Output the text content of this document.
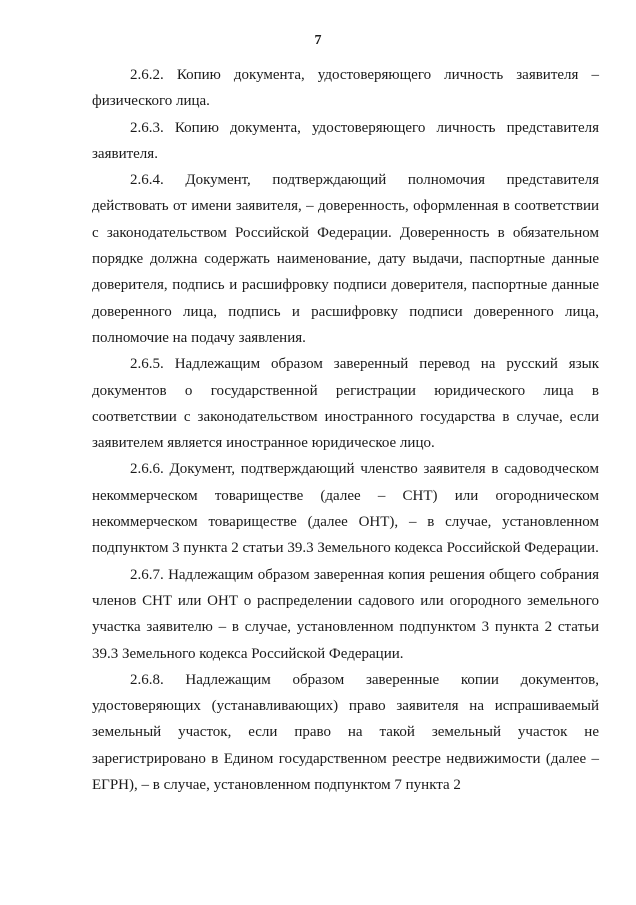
7

2.6.2. Копию документа, удостоверяющего личность заявителя – физического лица.

2.6.3. Копию документа, удостоверяющего личность представителя заявителя.

2.6.4. Документ, подтверждающий полномочия представителя действовать от имени заявителя, – доверенность, оформленная в соответствии с законодательством Российской Федерации. Доверенность в обязательном порядке должна содержать наименование, дату выдачи, паспортные данные доверителя, подпись и расшифровку подписи доверителя, паспортные данные доверенного лица, подпись и расшифровку подписи доверенного лица, полномочие на подачу заявления.

2.6.5. Надлежащим образом заверенный перевод на русский язык документов о государственной регистрации юридического лица в соответствии с законодательством иностранного государства в случае, если заявителем является иностранное юридическое лицо.

2.6.6. Документ, подтверждающий членство заявителя в садоводческом некоммерческом товариществе (далее – СНТ) или огородническом некоммерческом товариществе (далее ОНТ), – в случае, установленном подпунктом 3 пункта 2 статьи 39.3 Земельного кодекса Российской Федерации.

2.6.7. Надлежащим образом заверенная копия решения общего собрания членов СНТ или ОНТ о распределении садового или огородного земельного участка заявителю – в случае, установленном подпунктом 3 пункта 2 статьи 39.3 Земельного кодекса Российской Федерации.

2.6.8. Надлежащим образом заверенные копии документов, удостоверяющих (устанавливающих) право заявителя на испрашиваемый земельный участок, если право на такой земельный участок не зарегистрировано в Едином государственном реестре недвижимости (далее – ЕГРН), – в случае, установленном подпунктом 7 пункта 2
